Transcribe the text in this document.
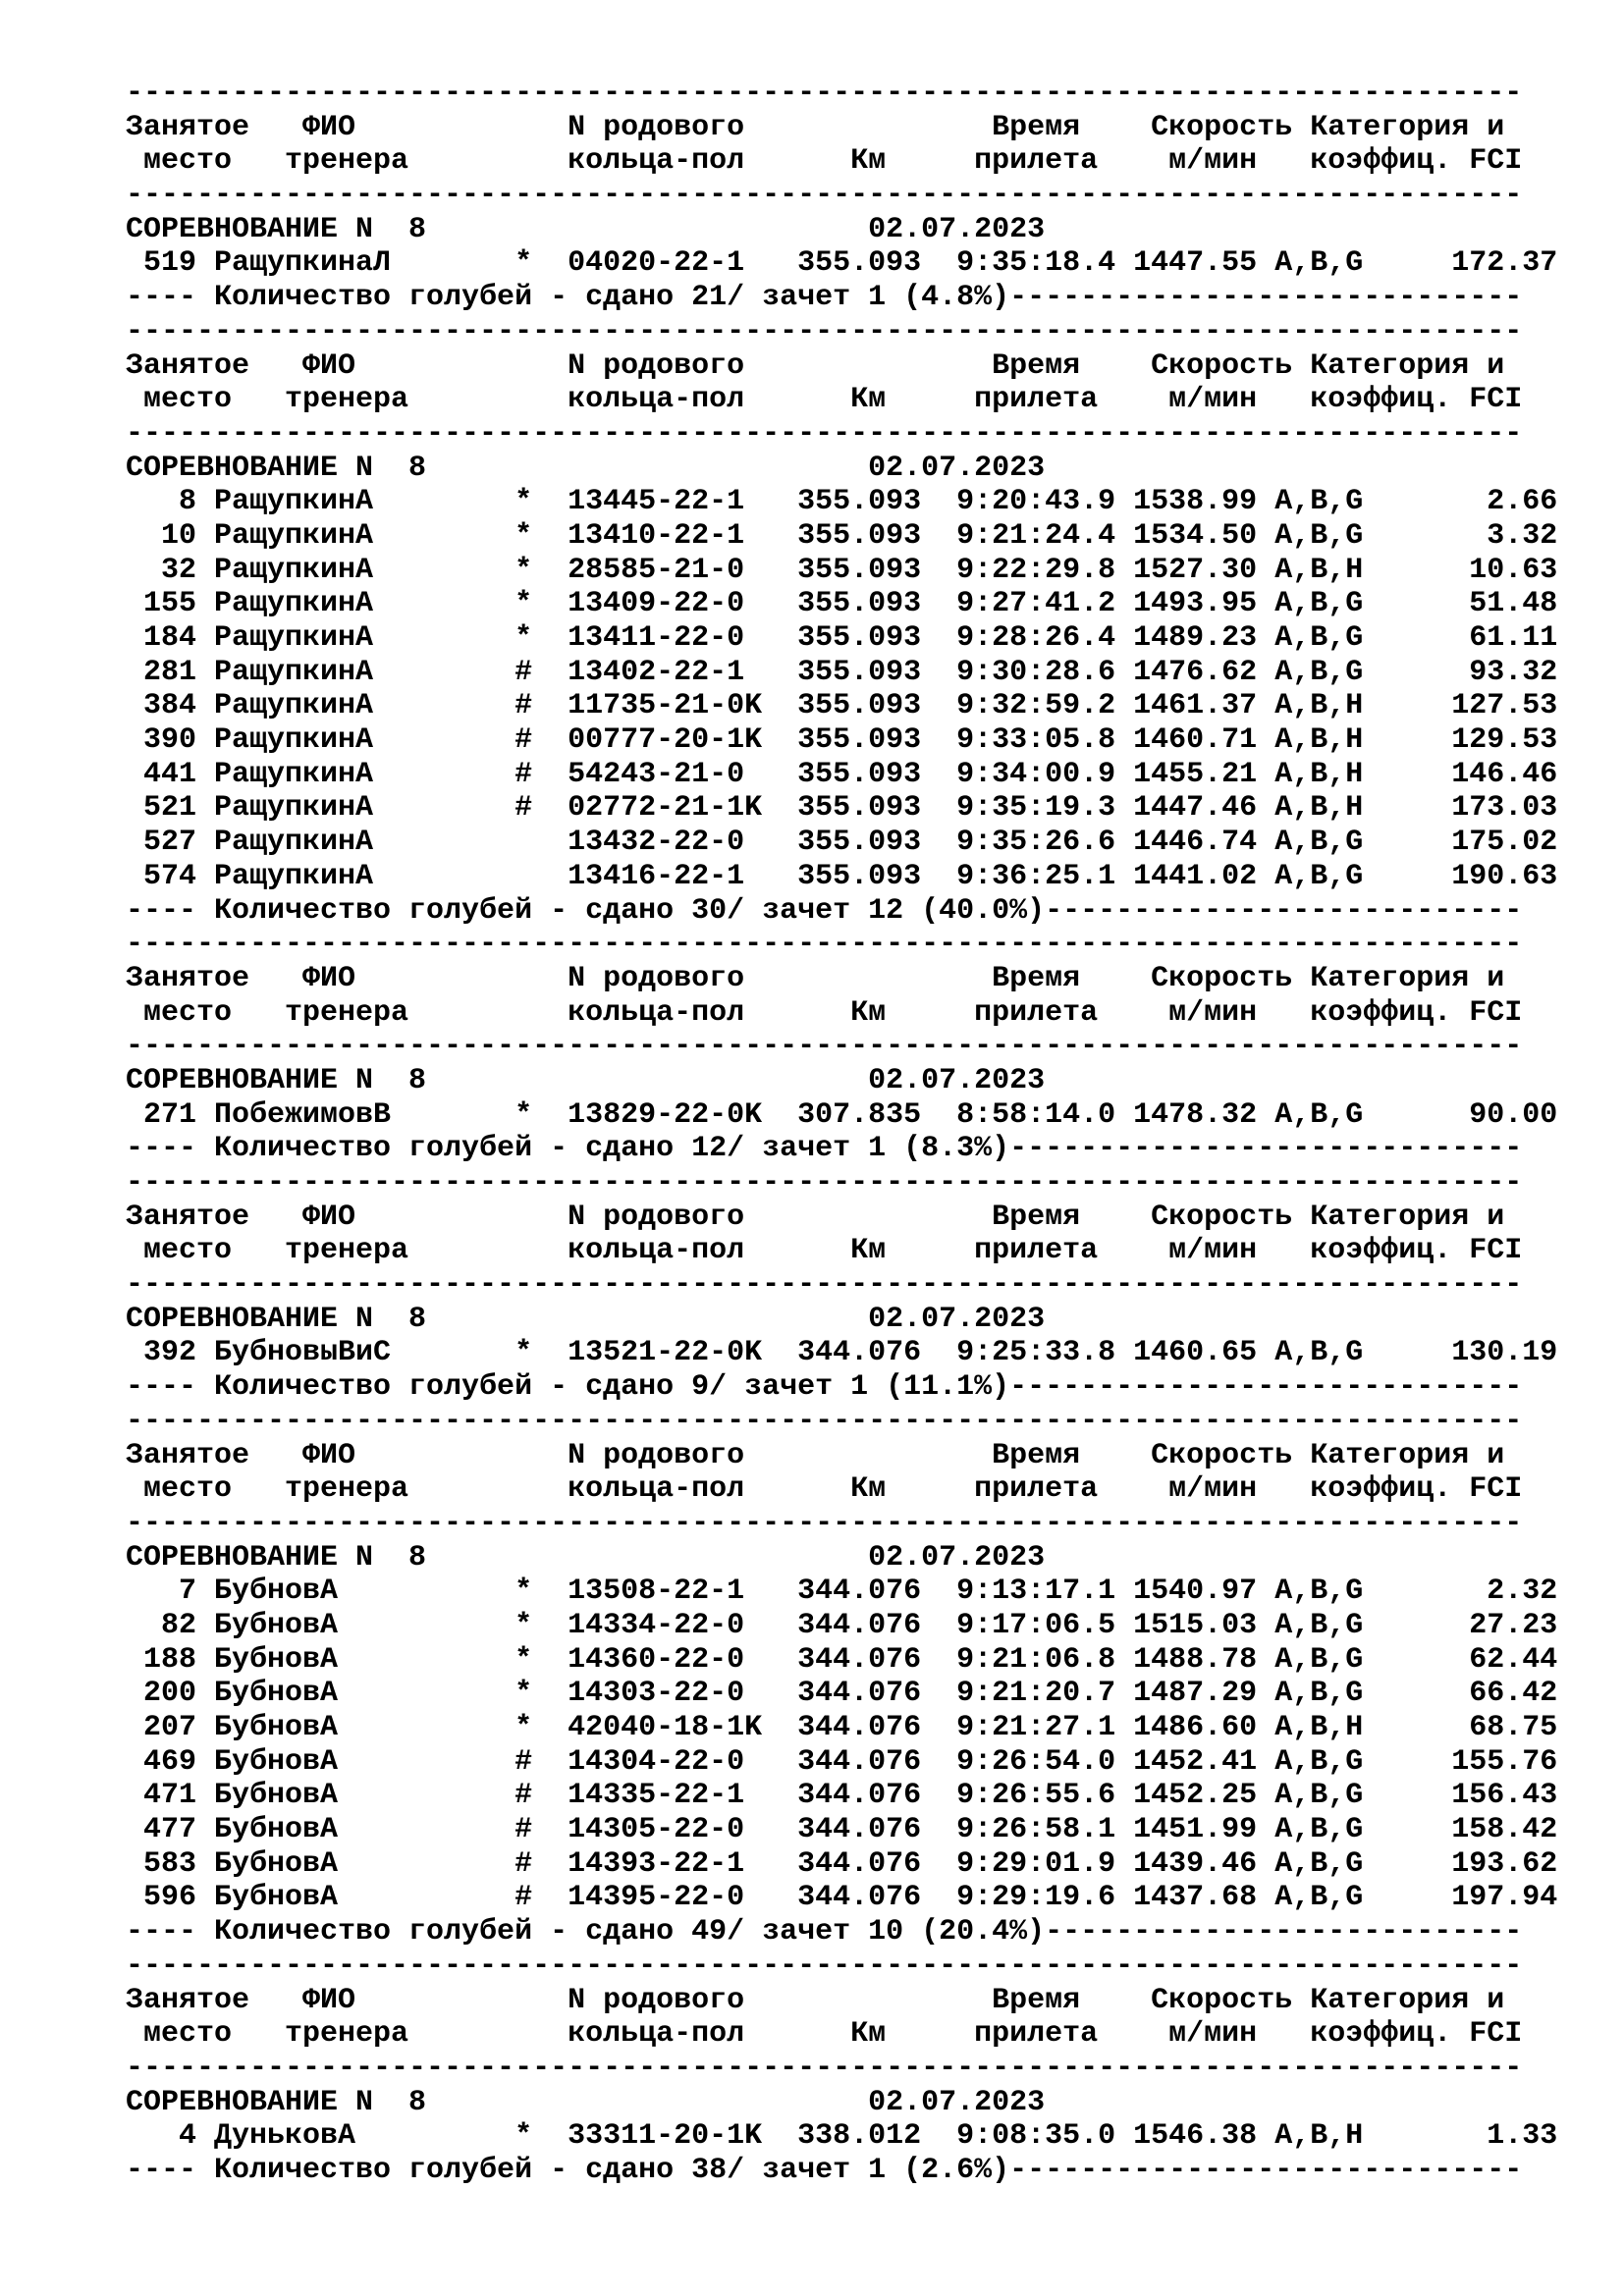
-------------------------------------------------------------------------------
Занятое   ФИО            N родового              Время    Скорость Категория и
место   тренера         кольца-пол      Км     прилета    м/мин   коэффиц. FCI
-------------------------------------------------------------------------------
СОРЕВНОВАНИЕ N  8                         02.07.2023
519 РащупкинаЛ       *  04020-22-1   355.093  9:35:18.4 1447.55 A,B,G     172.37
---- Количество голубей - сдано 21/ зачет 1 (4.8%)-----------------------------
-------------------------------------------------------------------------------
Занятое   ФИО            N родового              Время    Скорость Категория и
место   тренера         кольца-пол      Км     прилета    м/мин   коэффиц. FCI
-------------------------------------------------------------------------------
СОРЕВНОВАНИЕ N  8                         02.07.2023
8 РащупкинА        *  13445-22-1   355.093  9:20:43.9 1538.99 A,B,G       2.66
10 РащупкинА        *  13410-22-1   355.093  9:21:24.4 1534.50 A,B,G       3.32
32 РащупкинА        *  28585-21-0   355.093  9:22:29.8 1527.30 A,B,H      10.63
155 РащупкинА        *  13409-22-0   355.093  9:27:41.2 1493.95 A,B,G      51.48
184 РащупкинА        *  13411-22-0   355.093  9:28:26.4 1489.23 A,B,G      61.11
281 РащупкинА        #  13402-22-1   355.093  9:30:28.6 1476.62 A,B,G      93.32
384 РащупкинА        #  11735-21-0K  355.093  9:32:59.2 1461.37 A,B,H     127.53
390 РащупкинА        #  00777-20-1K  355.093  9:33:05.8 1460.71 A,B,H     129.53
441 РащупкинА        #  54243-21-0   355.093  9:34:00.9 1455.21 A,B,H     146.46
521 РащупкинА        #  02772-21-1K  355.093  9:35:19.3 1447.46 A,B,H     173.03
527 РащупкинА           13432-22-0   355.093  9:35:26.6 1446.74 A,B,G     175.02
574 РащупкинА           13416-22-1   355.093  9:36:25.1 1441.02 A,B,G     190.63
---- Количество голубей - сдано 30/ зачет 12 (40.0%)---------------------------
-------------------------------------------------------------------------------
Занятое   ФИО            N родового              Время    Скорость Категория и
место   тренера         кольца-пол      Км     прилета    м/мин   коэффиц. FCI
-------------------------------------------------------------------------------
СОРЕВНОВАНИЕ N  8                         02.07.2023
271 ПобежимовВ       *  13829-22-0K  307.835  8:58:14.0 1478.32 A,B,G      90.00
---- Количество голубей - сдано 12/ зачет 1 (8.3%)-----------------------------
-------------------------------------------------------------------------------
Занятое   ФИО            N родового              Время    Скорость Категория и
место   тренера         кольца-пол      Км     прилета    м/мин   коэффиц. FCI
-------------------------------------------------------------------------------
СОРЕВНОВАНИЕ N  8                         02.07.2023
392 БубновыВиС       *  13521-22-0K  344.076  9:25:33.8 1460.65 A,B,G     130.19
---- Количество голубей - сдано 9/ зачет 1 (11.1%)-----------------------------
-------------------------------------------------------------------------------
Занятое   ФИО            N родового              Время    Скорость Категория и
место   тренера         кольца-пол      Км     прилета    м/мин   коэффиц. FCI
-------------------------------------------------------------------------------
СОРЕВНОВАНИЕ N  8                         02.07.2023
7 БубновА          *  13508-22-1   344.076  9:13:17.1 1540.97 A,B,G       2.32
82 БубновА          *  14334-22-0   344.076  9:17:06.5 1515.03 A,B,G      27.23
188 БубновА          *  14360-22-0   344.076  9:21:06.8 1488.78 A,B,G      62.44
200 БубновА          *  14303-22-0   344.076  9:21:20.7 1487.29 A,B,G      66.42
207 БубновА          *  42040-18-1K  344.076  9:21:27.1 1486.60 A,B,H      68.75
469 БубновА          #  14304-22-0   344.076  9:26:54.0 1452.41 A,B,G     155.76
471 БубновА          #  14335-22-1   344.076  9:26:55.6 1452.25 A,B,G     156.43
477 БубновА          #  14305-22-0   344.076  9:26:58.1 1451.99 A,B,G     158.42
583 БубновА          #  14393-22-1   344.076  9:29:01.9 1439.46 A,B,G     193.62
596 БубновА          #  14395-22-0   344.076  9:29:19.6 1437.68 A,B,G     197.94
---- Количество голубей - сдано 49/ зачет 10 (20.4%)---------------------------
-------------------------------------------------------------------------------
Занятое   ФИО            N родового              Время    Скорость Категория и
место   тренера         кольца-пол      Км     прилета    м/мин   коэффиц. FCI
-------------------------------------------------------------------------------
СОРЕВНОВАНИЕ N  8                         02.07.2023
4 ДуньковА         *  33311-20-1K  338.012  9:08:35.0 1546.38 A,B,H       1.33
---- Количество голубей - сдано 38/ зачет 1 (2.6%)-----------------------------
